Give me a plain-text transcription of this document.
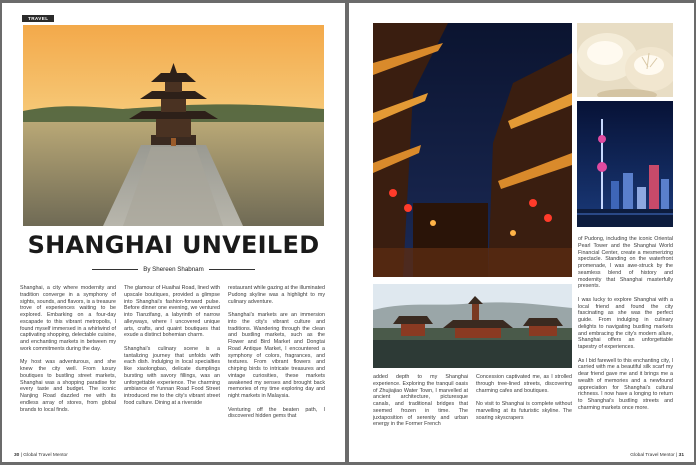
TRAVEL
SHANGHAI UNVEILED
By Shereen Shabnam

Shanghai, a city where modernity and tradition converge in a symphony of sights, sounds, and flavors, is a treasure trove of experiences waiting to be explored. Embarking on a four-day escapade to this vibrant metropolis, I found myself immersed in a whirlwind of captivating shopping, delectable cuisine, and enchanting markets in between my work commitments during the day.

My host was adventurous, and she knew the city well. From luxury boutiques to bustling street markets, Shanghai was a shopping paradise for every taste and budget. The iconic Nanjing Road dazzled me with its endless array of stores, from global brands to local finds.

The glamour of Huaihai Road, lined with upscale boutiques, provided a glimpse into Shanghai's fashion-forward pulse. Before dinner one evening, we ventured into Tianzifang, a labyrinth of narrow alleyways, where I uncovered unique arts, crafts, and quaint boutiques that exude a distinct bohemian charm.

Shanghai's culinary scene is a tantalizing journey that unfolds with each dish. Indulging in local specialties like xiaolongbao, delicate dumplings bursting with savory fillings, was an unforgettable experience. The charming ambiance of Yunnan Road Food Street introduced me to the city's vibrant street food culture. Dining at a riverside

restaurant while gazing at the illuminated Pudong skyline was a highlight to my culinary adventure.

Shanghai's markets are an immersion into the city's vibrant culture and traditions. Wandering through the clean and bustling markets, such as the Flower and Bird Market and Dongtai Road Antique Market, I encountered a symphony of colors, fragrances, and textures. From vibrant flowers and chirping birds to intricate treasures and vintage curiosities, these markets awakened my senses and brought back memories of my time exploring day and night markets in Malaysia.

Venturing off the beaten path, I discovered hidden gems that

30 | Global Travel Mentor

added depth to my Shanghai experience. Exploring the tranquil oasis of Zhujiajiao Water Town, I marvelled at ancient architecture, picturesque canals, and traditional bridges that seemed frozen in time. The juxtaposition of serenity and urban energy in the Former French

Concession captivated me, as I strolled through tree-lined streets, discovering charming cafes and boutiques.

No visit to Shanghai is complete without marvelling at its futuristic skyline. The soaring skyscrapers

of Pudong, including the iconic Oriental Pearl Tower and the Shanghai World Financial Center, create a mesmerizing spectacle. Standing on the waterfront promenade, I was awe-struck by the seamless blend of history and modernity that Shanghai masterfully presents.

I was lucky to explore Shanghai with a local friend and found the city fascinating as she was the perfect guide. From indulging in culinary delights to navigating bustling markets and embracing the city's modern allure, Shanghai offers an unforgettable tapestry of experiences.

As I bid farewell to this enchanting city, I carried with me a beautiful silk scarf my dear friend gave me and it brings me a wealth of memories and a newfound appreciation for Shanghai's cultural richness. I now have a longing to return to Shanghai's bustling streets and charming markets once more.

Global Travel Mentor | 31
